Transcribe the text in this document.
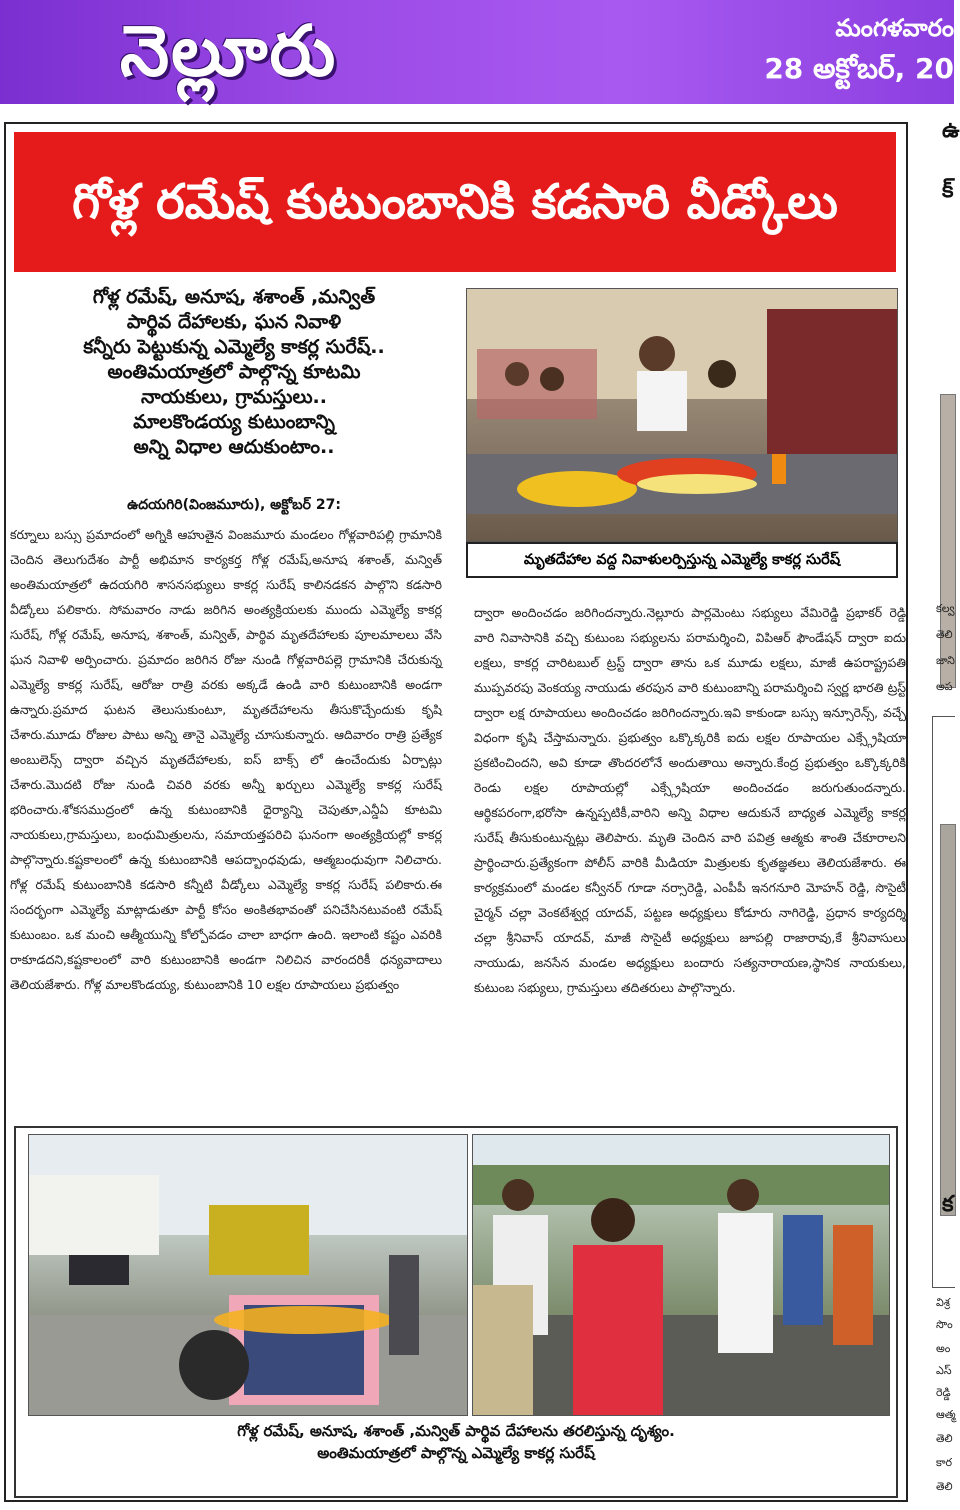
నెల్లూరు	మంగళవారం
28 అక్టోబర్, 20
గోళ్ల రమేష్ కుటుంబానికి కడసారి వీడ్కోలు
గోళ్ల రమేష్, అనూష, శశాంత్ ,మన్విత్
పార్థివ దేహాలకు, ఘన నివాళి
కన్నీరు పెట్టుకున్న ఎమ్మెల్యే కాకర్ల సురేష్..
అంతిమయాత్రలో పాల్గొన్న కూటమి
నాయకులు, గ్రామస్తులు..
మాలకొండయ్య కుటుంబాన్ని
అన్ని విధాల ఆదుకుంటాం..
ఉదయగిరి(వింజమూరు), అక్టోబర్ 27:
కర్నూలు బస్సు ప్రమాదంలో అగ్నికి ఆహుతైన వింజమూరు మండలం గోళ్లవారిపల్లి గ్రామానికి చెందిన తెలుగుదేశం పార్టీ అభిమాన కార్యకర్త గోళ్ల రమేష్,అనూష శశాంత్, మన్విత్ అంతిమయాత్రలో ఉదయగిరి శాసనసభ్యులు కాకర్ల సురేష్ కాలినడకన పాల్గొని కడసారి వీడ్కోలు పలికారు. సోమవారం నాడు జరిగిన అంత్యక్రియలకు ముందు ఎమ్మెల్యే కాకర్ల సురేష్, గోళ్ల రమేష్, అనూష, శశాంత్, మన్విత్, పార్థివ మృతదేహాలకు పూలమాలలు వేసి ఘన నివాళి అర్పించారు. ప్రమాదం జరిగిన రోజు నుండి గోళ్లవారిపల్లె గ్రామానికి చేరుకున్న ఎమ్మెల్యే కాకర్ల సురేష్, ఆరోజు రాత్రి వరకు అక్కడే ఉండి వారి కుటుంబానికి అండగా ఉన్నారు.ప్రమాద ఘటన తెలుసుకుంటూ, మృతదేహాలను తీసుకొచ్చేందుకు కృషి చేశారు.మూడు రోజుల పాటు అన్ని తానై ఎమ్మెల్యే చూసుకున్నారు. ఆదివారం రాత్రి ప్రత్యేక అంబులెన్స్ ద్వారా వచ్చిన మృతదేహాలకు, ఐస్ బాక్స్ లో ఉంచేందుకు ఏర్పాట్లు చేశారు.మొదటి రోజు నుండి చివరి వరకు అన్నీ ఖర్చులు ఎమ్మెల్యే కాకర్ల సురేష్ భరించారు.శోకసముద్రంలో ఉన్న కుటుంబానికి ధైర్యాన్ని చెపుతూ,ఎన్డీఏ కూటమి నాయకులు,గ్రామస్తులు, బంధుమిత్రులను, సమాయత్తపరిచి ఘనంగా అంత్యక్రియల్లో కాకర్ల పాల్గొన్నారు.కష్టకాలంలో ఉన్న కుటుంబానికి ఆపద్బాంధవుడు, ఆత్మబంధువుగా నిలిచారు. గోళ్ల రమేష్ కుటుంబానికి కడసారి కన్నీటి వీడ్కోలు ఎమ్మెల్యే కాకర్ల సురేష్ పలికారు.ఈ సందర్భంగా ఎమ్మెల్యే మాట్లాడుతూ పార్టీ కోసం అంకితభావంతో పనిచేసినటువంటి రమేష్ కుటుంబం. ఒక మంచి ఆత్మీయున్ని కోల్పోవడం చాలా బాధగా ఉంది. ఇలాంటి కష్టం ఎవరికి రాకూడదని,కష్టకాలంలో వారి కుటుంబానికి అండగా నిలిచిన వారందరికీ ధన్యవాదాలు తెలియజేశారు. గోళ్ల మాలకొండయ్య, కుటుంబానికి 10 లక్షల రూపాయలు ప్రభుత్వం
మృతదేహాల వద్ద నివాళులర్పిస్తున్న ఎమ్మెల్యే కాకర్ల సురేష్
ద్వారా అందించడం జరిగిందన్నారు.నెల్లూరు పార్లమెంటు సభ్యులు వేమిరెడ్డి ప్రభాకర్ రెడ్డి వారి నివాసానికి వచ్చి కుటుంబ సభ్యులను పరామర్శించి, విపిఆర్ ఫౌండేషన్ ద్వారా ఐదు లక్షలు, కాకర్ల చారిటబుల్ ట్రస్ట్ ద్వారా తాను ఒక మూడు లక్షలు, మాజీ ఉపరాష్ట్రపతి ముప్పవరపు వెంకయ్య నాయుడు తరపున వారి కుటుంబాన్ని పరామర్శించి స్వర్ణ భారతి ట్రస్ట్ ద్వారా లక్ష రూపాయలు అందించడం జరిగిందన్నారు.ఇవి కాకుండా బస్సు ఇన్సూరెన్స్, వచ్చే విధంగా కృషి చేస్తామన్నారు. ప్రభుత్వం ఒక్కొక్కరికి ఐదు లక్షల రూపాయల ఎక్స్గ్రేషియా ప్రకటించిందని, అవి కూడా తొందరలోనే అందుతాయి అన్నారు.కేంద్ర ప్రభుత్వం ఒక్కొక్కరికి రెండు లక్షల రూపాయల్లో ఎక్స్గ్రేషియా అందించడం జరుగుతుందన్నారు. ఆర్థికపరంగా,భరోసా ఉన్నప్పటికీ,వారిని అన్ని విధాల ఆదుకునే బాధ్యత ఎమ్మెల్యే కాకర్ల సురేష్ తీసుకుంటున్నట్లు తెలిపారు. మృతి చెందిన వారి పవిత్ర ఆత్మకు శాంతి చేకూరాలని ప్రార్థించారు.ప్రత్యేకంగా పోలీస్ వారికి మీడియా మిత్రులకు కృతజ్ఞతలు తెలియజేశారు. ఈ కార్యక్రమంలో మండల కన్వీనర్ గూడా నర్సారెడ్డి, ఎంపీపీ ఇనగనూరి మోహన్ రెడ్డి, సొసైటీ చైర్మన్ చల్లా వెంకటేశ్వర్ల యాదవ్, పట్టణ అధ్యక్షులు కోడూరు నాగిరెడ్డి, ప్రధాన కార్యదర్శి చల్లా శ్రీనివాస్ యాదవ్, మాజీ సొసైటీ అధ్యక్షులు జూపల్లి రాజారావు,కే శ్రీనివాసులు నాయుడు, జనసేన మండల అధ్యక్షులు బందారు సత్యనారాయణ,స్థానిక నాయకులు, కుటుంబ సభ్యులు, గ్రామస్తులు తదితరులు పాల్గొన్నారు.
గోళ్ల రమేష్, అనూష, శశాంత్ ,మన్విత్ పార్థివ దేహాలను తరలిస్తున్న దృశ్యం.
అంతిమయాత్రలో పాల్గొన్న ఎమ్మెల్యే కాకర్ల సురేష్
ఉ
క్
కల్వ
తెలి
జాని
అప
క
విశ్ర
సొం
అం
ఎస్
రెడ్డి
ఆత్మ
తెలి
కార
తెలి
